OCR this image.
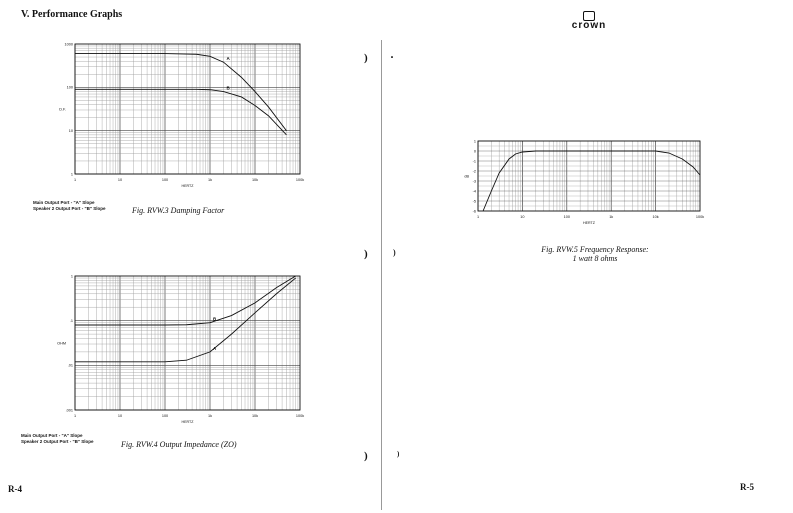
V. Performance Graphs
crown
1	10	100	1k	10k	100k
1000
100
10
1
HERTZ
D.F.
A
B
Main Output Port - "A" Slope
Speaker 2 Output Port - "B" Slope	Fig. RVW.3 Damping Factor
1	10	100	1k	10k	100k
1
.1
.01
.001
HERTZ
OHM
A
B
Main Output Port - "A" Slope
Speaker 2 Output Port - "B" Slope	Fig. RVW.4 Output Impedance (ZO)
1	10	100	1k	10k	100k
1
0
-1
-2
-3
-4
-5
-6
HERTZ
dB
Fig. RVW.5 Frequency Response:
1 watt 8 ohms
) ·
)	)
)	)
R-4	R-5
